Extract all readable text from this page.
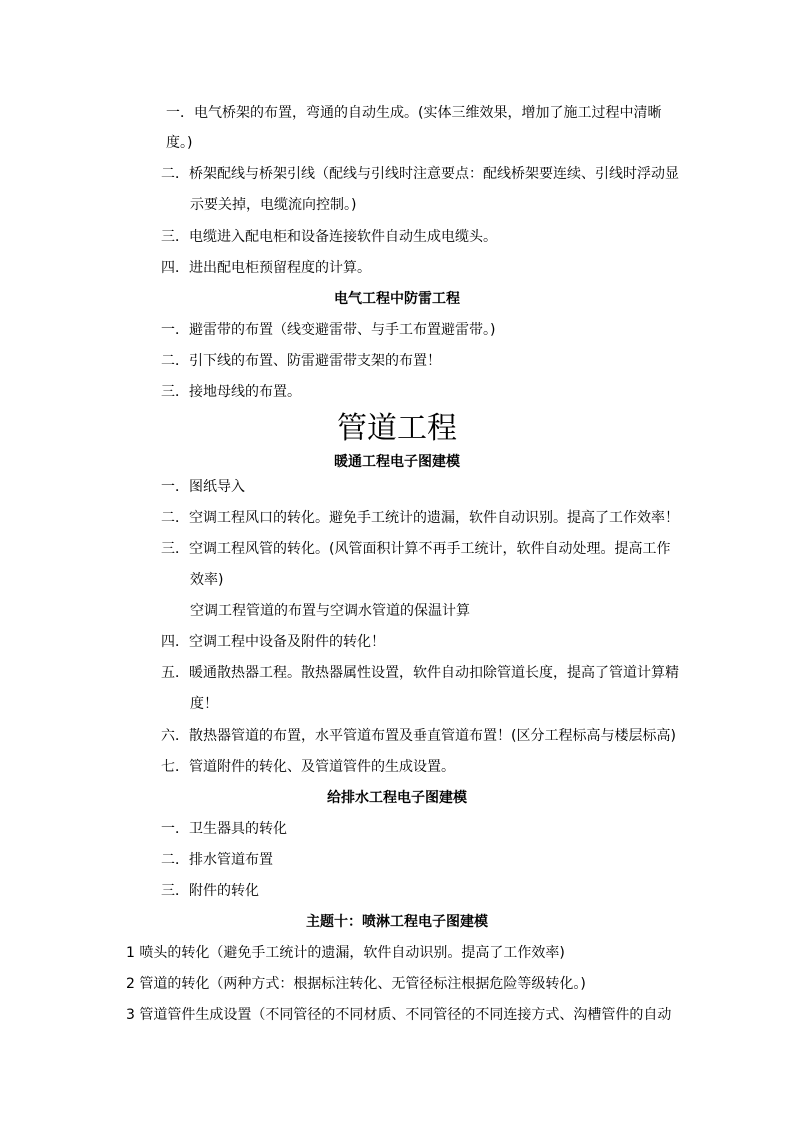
一．电气桥架的布置，弯通的自动生成。(实体三维效果，增加了施工过程中清晰
度。)
二．桥架配线与桥架引线（配线与引线时注意要点：配线桥架要连续、引线时浮动显
示要关掉，电缆流向控制。)
三．电缆进入配电柜和设备连接软件自动生成电缆头。
四．进出配电柜预留程度的计算。
电气工程中防雷工程
一．避雷带的布置（线变避雷带、与手工布置避雷带。)
二．引下线的布置、防雷避雷带支架的布置！
三．接地母线的布置。
管道工程
暖通工程电子图建模
一．图纸导入
二．空调工程风口的转化。避免手工统计的遗漏，软件自动识别。提高了工作效率！
三．空调工程风管的转化。(风管面积计算不再手工统计，软件自动处理。提高工作
效率)
空调工程管道的布置与空调水管道的保温计算
四．空调工程中设备及附件的转化！
五．暖通散热器工程。散热器属性设置，软件自动扣除管道长度，提高了管道计算精
度！
六．散热器管道的布置，水平管道布置及垂直管道布置！(区分工程标高与楼层标高)
七．管道附件的转化、及管道管件的生成设置。
给排水工程电子图建模
一．卫生器具的转化
二．排水管道布置
三．附件的转化
主题十：喷淋工程电子图建模
1 喷头的转化（避免手工统计的遗漏，软件自动识别。提高了工作效率)
2 管道的转化（两种方式：根据标注转化、无管径标注根据危险等级转化。)
3 管道管件生成设置（不同管径的不同材质、不同管径的不同连接方式、沟槽管件的自动
